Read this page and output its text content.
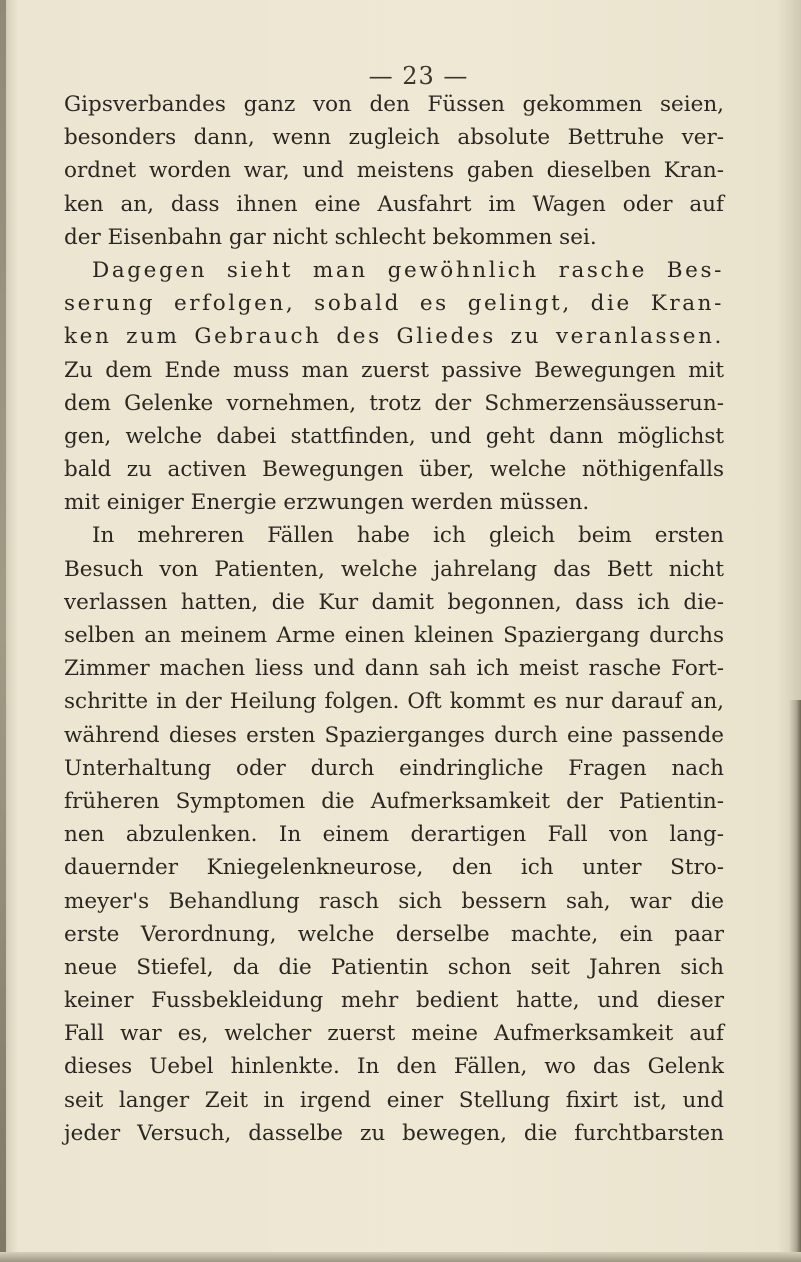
— 23 —
Gipsverbandes ganz von den Füssen gekommen seien,
besonders dann, wenn zugleich absolute Bettruhe ver-
ordnet worden war, und meistens gaben dieselben Kran-
ken an, dass ihnen eine Ausfahrt im Wagen oder auf
der Eisenbahn gar nicht schlecht bekommen sei.
Dagegen sieht man gewöhnlich rasche Bes-
serung erfolgen, sobald es gelingt, die Kran-
ken zum Gebrauch des Gliedes zu veranlassen.
Zu dem Ende muss man zuerst passive Bewegungen mit
dem Gelenke vornehmen, trotz der Schmerzensäusserun-
gen, welche dabei stattfinden, und geht dann möglichst
bald zu activen Bewegungen über, welche nöthigenfalls
mit einiger Energie erzwungen werden müssen.
In mehreren Fällen habe ich gleich beim ersten
Besuch von Patienten, welche jahrelang das Bett nicht
verlassen hatten, die Kur damit begonnen, dass ich die-
selben an meinem Arme einen kleinen Spaziergang durchs
Zimmer machen liess und dann sah ich meist rasche Fort-
schritte in der Heilung folgen. Oft kommt es nur darauf an,
während dieses ersten Spazierganges durch eine passende
Unterhaltung oder durch eindringliche Fragen nach
früheren Symptomen die Aufmerksamkeit der Patientin-
nen abzulenken. In einem derartigen Fall von lang-
dauernder Kniegelenkneurose, den ich unter Stro-
meyer's Behandlung rasch sich bessern sah, war die
erste Verordnung, welche derselbe machte, ein paar
neue Stiefel, da die Patientin schon seit Jahren sich
keiner Fussbekleidung mehr bedient hatte, und dieser
Fall war es, welcher zuerst meine Aufmerksamkeit auf
dieses Uebel hinlenkte. In den Fällen, wo das Gelenk
seit langer Zeit in irgend einer Stellung fixirt ist, und
jeder Versuch, dasselbe zu bewegen, die furchtbarsten
